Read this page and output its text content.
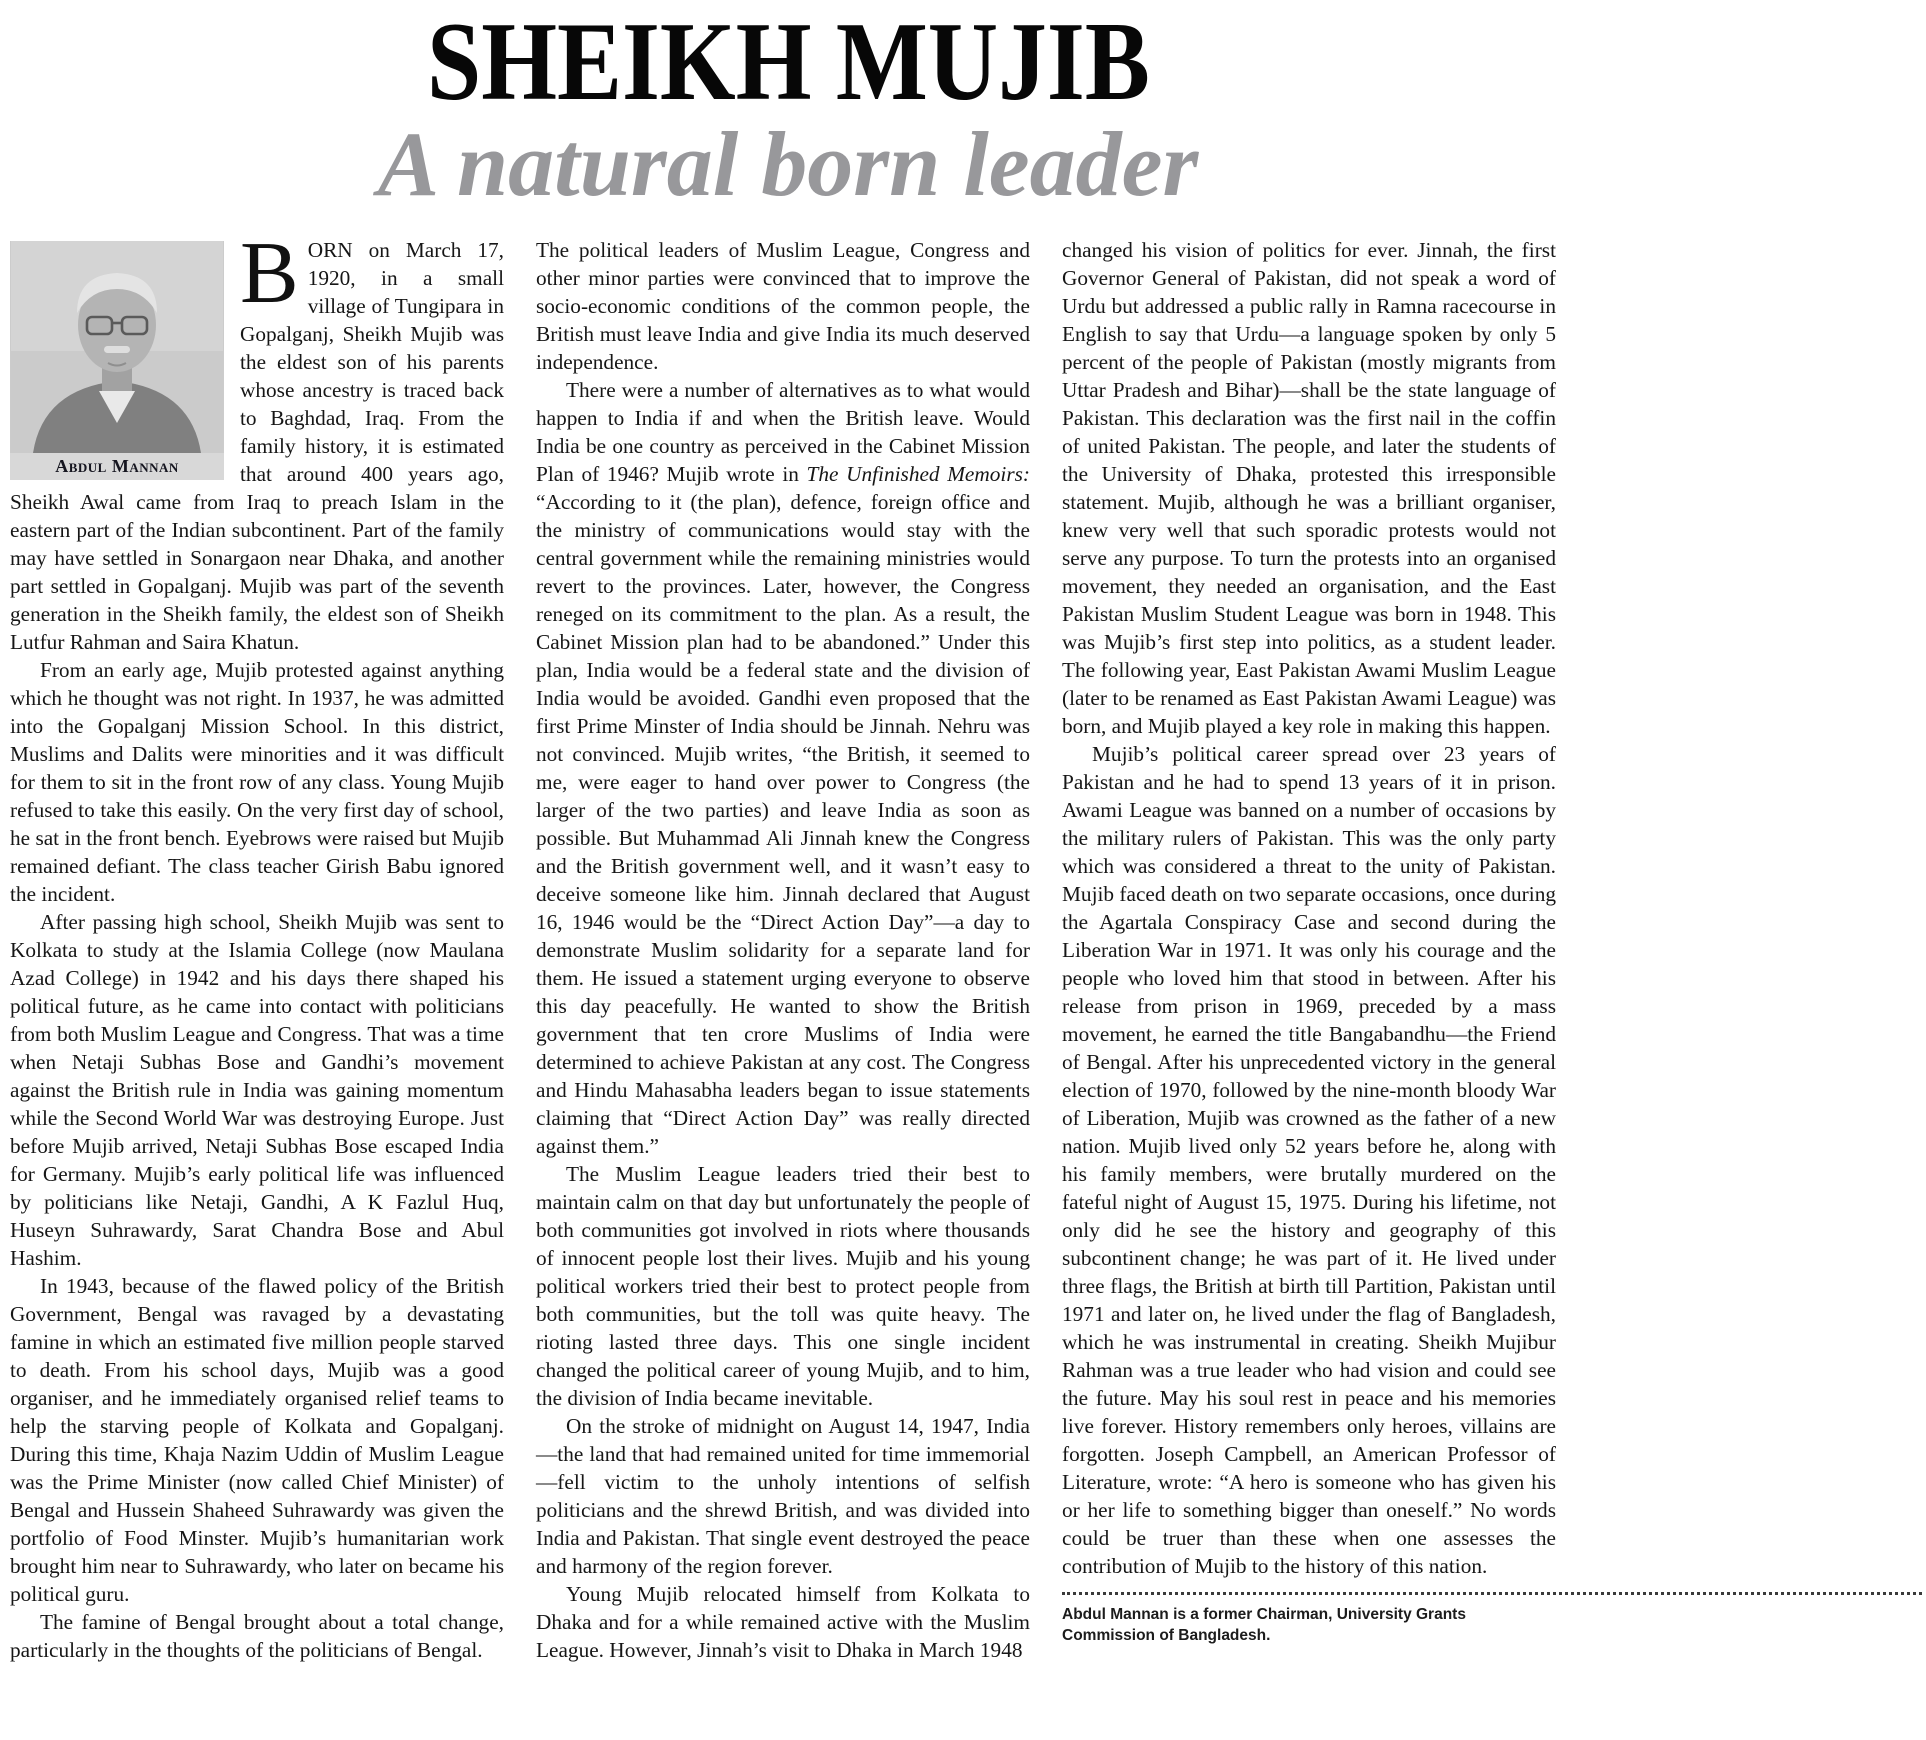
SHEIKH MUJIB
A natural born leader
Abdul Mannan

BORN on March 17, 1920, in a small village of Tungipara in Gopalganj, Sheikh Mujib was the eldest son of his parents whose ancestry is traced back to Baghdad, Iraq. From the family history, it is estimated that around 400 years ago, Sheikh Awal came from Iraq to preach Islam in the eastern part of the Indian subcontinent. Part of the family may have settled in Sonargaon near Dhaka, and another part settled in Gopalganj. Mujib was part of the seventh generation in the Sheikh family, the eldest son of Sheikh Lutfur Rahman and Saira Khatun.

From an early age, Mujib protested against anything which he thought was not right. In 1937, he was admitted into the Gopalganj Mission School. In this district, Muslims and Dalits were minorities and it was difficult for them to sit in the front row of any class. Young Mujib refused to take this easily. On the very first day of school, he sat in the front bench. Eyebrows were raised but Mujib remained defiant. The class teacher Girish Babu ignored the incident.

After passing high school, Sheikh Mujib was sent to Kolkata to study at the Islamia College (now Maulana Azad College) in 1942 and his days there shaped his political future, as he came into contact with politicians from both Muslim League and Congress. That was a time when Netaji Subhas Bose and Gandhi’s movement against the British rule in India was gaining momentum while the Second World War was destroying Europe. Just before Mujib arrived, Netaji Subhas Bose escaped India for Germany. Mujib’s early political life was influenced by politicians like Netaji, Gandhi, A K Fazlul Huq, Huseyn Suhrawardy, Sarat Chandra Bose and Abul Hashim.

In 1943, because of the flawed policy of the British Government, Bengal was ravaged by a devastating famine in which an estimated five million people starved to death. From his school days, Mujib was a good organiser, and he immediately organised relief teams to help the starving people of Kolkata and Gopalganj. During this time, Khaja Nazim Uddin of Muslim League was the Prime Minister (now called Chief Minister) of Bengal and Hussein Shaheed Suhrawardy was given the portfolio of Food Minster. Mujib’s humanitarian work brought him near to Suhrawardy, who later on became his political guru.

The famine of Bengal brought about a total change, particularly in the thoughts of the politicians of Bengal.

The political leaders of Muslim League, Congress and other minor parties were convinced that to improve the socio-economic conditions of the common people, the British must leave India and give India its much deserved independence.

There were a number of alternatives as to what would happen to India if and when the British leave. Would India be one country as perceived in the Cabinet Mission Plan of 1946? Mujib wrote in The Unfinished Memoirs: “According to it (the plan), defence, foreign office and the ministry of communications would stay with the central government while the remaining ministries would revert to the provinces. Later, however, the Congress reneged on its commitment to the plan. As a result, the Cabinet Mission plan had to be abandoned.” Under this plan, India would be a federal state and the division of India would be avoided. Gandhi even proposed that the first Prime Minster of India should be Jinnah. Nehru was not convinced. Mujib writes, “the British, it seemed to me, were eager to hand over power to Congress (the larger of the two parties) and leave India as soon as possible. But Muhammad Ali Jinnah knew the Congress and the British government well, and it wasn’t easy to deceive someone like him. Jinnah declared that August 16, 1946 would be the “Direct Action Day”—a day to demonstrate Muslim solidarity for a separate land for them. He issued a statement urging everyone to observe this day peacefully. He wanted to show the British government that ten crore Muslims of India were determined to achieve Pakistan at any cost. The Congress and Hindu Mahasabha leaders began to issue statements claiming that “Direct Action Day” was really directed against them.”

The Muslim League leaders tried their best to maintain calm on that day but unfortunately the people of both communities got involved in riots where thousands of innocent people lost their lives. Mujib and his young political workers tried their best to protect people from both communities, but the toll was quite heavy. The rioting lasted three days. This one single incident changed the political career of young Mujib, and to him, the division of India became inevitable.

On the stroke of midnight on August 14, 1947, India—the land that had remained united for time immemorial—fell victim to the unholy intentions of selfish politicians and the shrewd British, and was divided into India and Pakistan. That single event destroyed the peace and harmony of the region forever.

Young Mujib relocated himself from Kolkata to Dhaka and for a while remained active with the Muslim League. However, Jinnah’s visit to Dhaka in March 1948

changed his vision of politics for ever. Jinnah, the first Governor General of Pakistan, did not speak a word of Urdu but addressed a public rally in Ramna racecourse in English to say that Urdu—a language spoken by only 5 percent of the people of Pakistan (mostly migrants from Uttar Pradesh and Bihar)—shall be the state language of Pakistan. This declaration was the first nail in the coffin of united Pakistan. The people, and later the students of the University of Dhaka, protested this irresponsible statement. Mujib, although he was a brilliant organiser, knew very well that such sporadic protests would not serve any purpose. To turn the protests into an organised movement, they needed an organisation, and the East Pakistan Muslim Student League was born in 1948. This was Mujib’s first step into politics, as a student leader. The following year, East Pakistan Awami Muslim League (later to be renamed as East Pakistan Awami League) was born, and Mujib played a key role in making this happen.

Mujib’s political career spread over 23 years of Pakistan and he had to spend 13 years of it in prison. Awami League was banned on a number of occasions by the military rulers of Pakistan. This was the only party which was considered a threat to the unity of Pakistan. Mujib faced death on two separate occasions, once during the Agartala Conspiracy Case and second during the Liberation War in 1971. It was only his courage and the people who loved him that stood in between. After his release from prison in 1969, preceded by a mass movement, he earned the title Bangabandhu—the Friend of Bengal. After his unprecedented victory in the general election of 1970, followed by the nine-month bloody War of Liberation, Mujib was crowned as the father of a new nation. Mujib lived only 52 years before he, along with his family members, were brutally murdered on the fateful night of August 15, 1975. During his lifetime, not only did he see the history and geography of this subcontinent change; he was part of it. He lived under three flags, the British at birth till Partition, Pakistan until 1971 and later on, he lived under the flag of Bangladesh, which he was instrumental in creating. Sheikh Mujibur Rahman was a true leader who had vision and could see the future. May his soul rest in peace and his memories live forever. History remembers only heroes, villains are forgotten. Joseph Campbell, an American Professor of Literature, wrote: “A hero is someone who has given his or her life to something bigger than oneself.” No words could be truer than these when one assesses the contribution of Mujib to the history of this nation.

Abdul Mannan is a former Chairman, University Grants Commission of Bangladesh.
